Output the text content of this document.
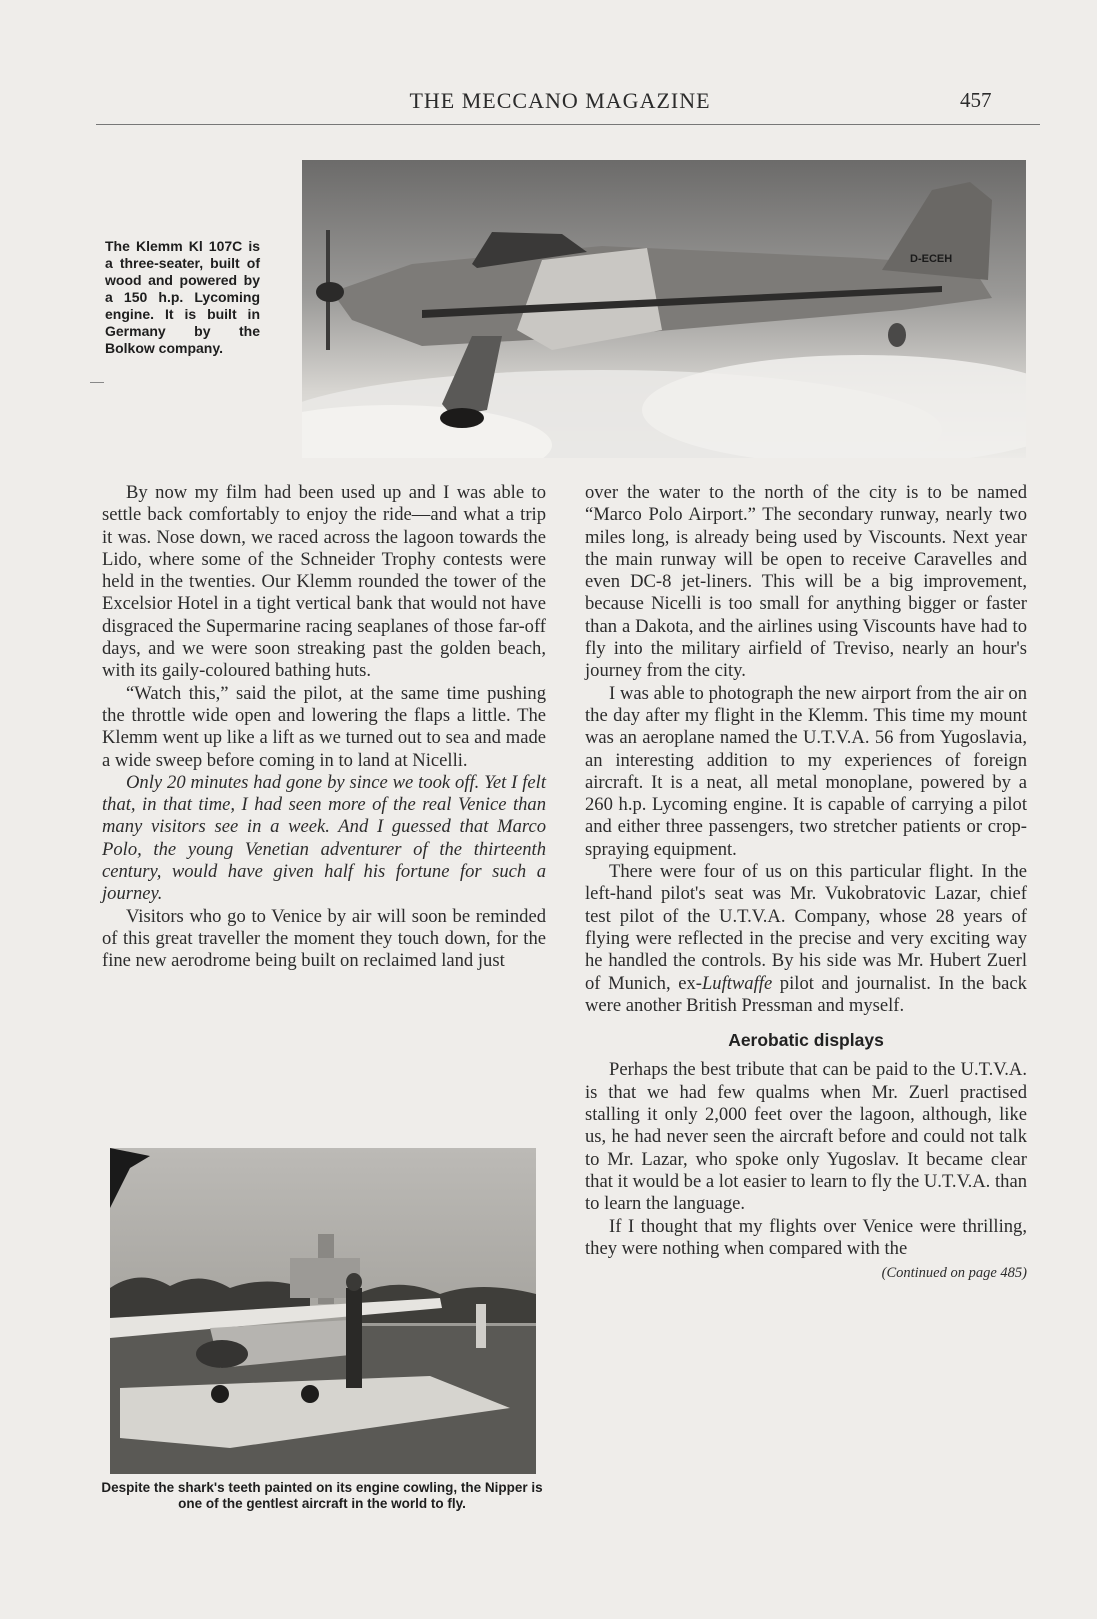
THE MECCANO MAGAZINE	457
The Klemm Kl 107C is a three-seater, built of wood and powered by a 150 h.p. Lycoming engine. It is built in Germany by the Bolkow company.
D-ECEH

By now my film had been used up and I was able to settle back comfortably to enjoy the ride—and what a trip it was. Nose down, we raced across the lagoon towards the Lido, where some of the Schneider Trophy contests were held in the twenties. Our Klemm rounded the tower of the Excelsior Hotel in a tight vertical bank that would not have disgraced the Supermarine racing seaplanes of those far-off days, and we were soon streaking past the golden beach, with its gaily-coloured bathing huts.

“Watch this,” said the pilot, at the same time pushing the throttle wide open and lowering the flaps a little. The Klemm went up like a lift as we turned out to sea and made a wide sweep before coming in to land at Nicelli.

Only 20 minutes had gone by since we took off. Yet I felt that, in that time, I had seen more of the real Venice than many visitors see in a week. And I guessed that Marco Polo, the young Venetian adventurer of the thirteenth century, would have given half his fortune for such a journey.

Visitors who go to Venice by air will soon be reminded of this great traveller the moment they touch down, for the fine new aerodrome being built on reclaimed land just

Despite the shark's teeth painted on its engine cowling, the Nipper is one of the gentlest aircraft in the world to fly.

over the water to the north of the city is to be named “Marco Polo Airport.” The secondary runway, nearly two miles long, is already being used by Viscounts. Next year the main runway will be open to receive Caravelles and even DC-8 jet-liners. This will be a big improvement, because Nicelli is too small for anything bigger or faster than a Dakota, and the airlines using Viscounts have had to fly into the military airfield of Treviso, nearly an hour's journey from the city.

I was able to photograph the new airport from the air on the day after my flight in the Klemm. This time my mount was an aeroplane named the U.T.V.A. 56 from Yugoslavia, an interesting addition to my experiences of foreign aircraft. It is a neat, all metal monoplane, powered by a 260 h.p. Lycoming engine. It is capable of carrying a pilot and either three passengers, two stretcher patients or crop-spraying equipment.

There were four of us on this particular flight. In the left-hand pilot's seat was Mr. Vukobratovic Lazar, chief test pilot of the U.T.V.A. Company, whose 28 years of flying were reflected in the precise and very exciting way he handled the controls. By his side was Mr. Hubert Zuerl of Munich, ex-Luftwaffe pilot and journalist. In the back were another British Pressman and myself.

Aerobatic displays

Perhaps the best tribute that can be paid to the U.T.V.A. is that we had few qualms when Mr. Zuerl practised stalling it only 2,000 feet over the lagoon, although, like us, he had never seen the aircraft before and could not talk to Mr. Lazar, who spoke only Yugoslav. It became clear that it would be a lot easier to learn to fly the U.T.V.A. than to learn the language.

If I thought that my flights over Venice were thrilling, they were nothing when compared with the
(Continued on page 485)
